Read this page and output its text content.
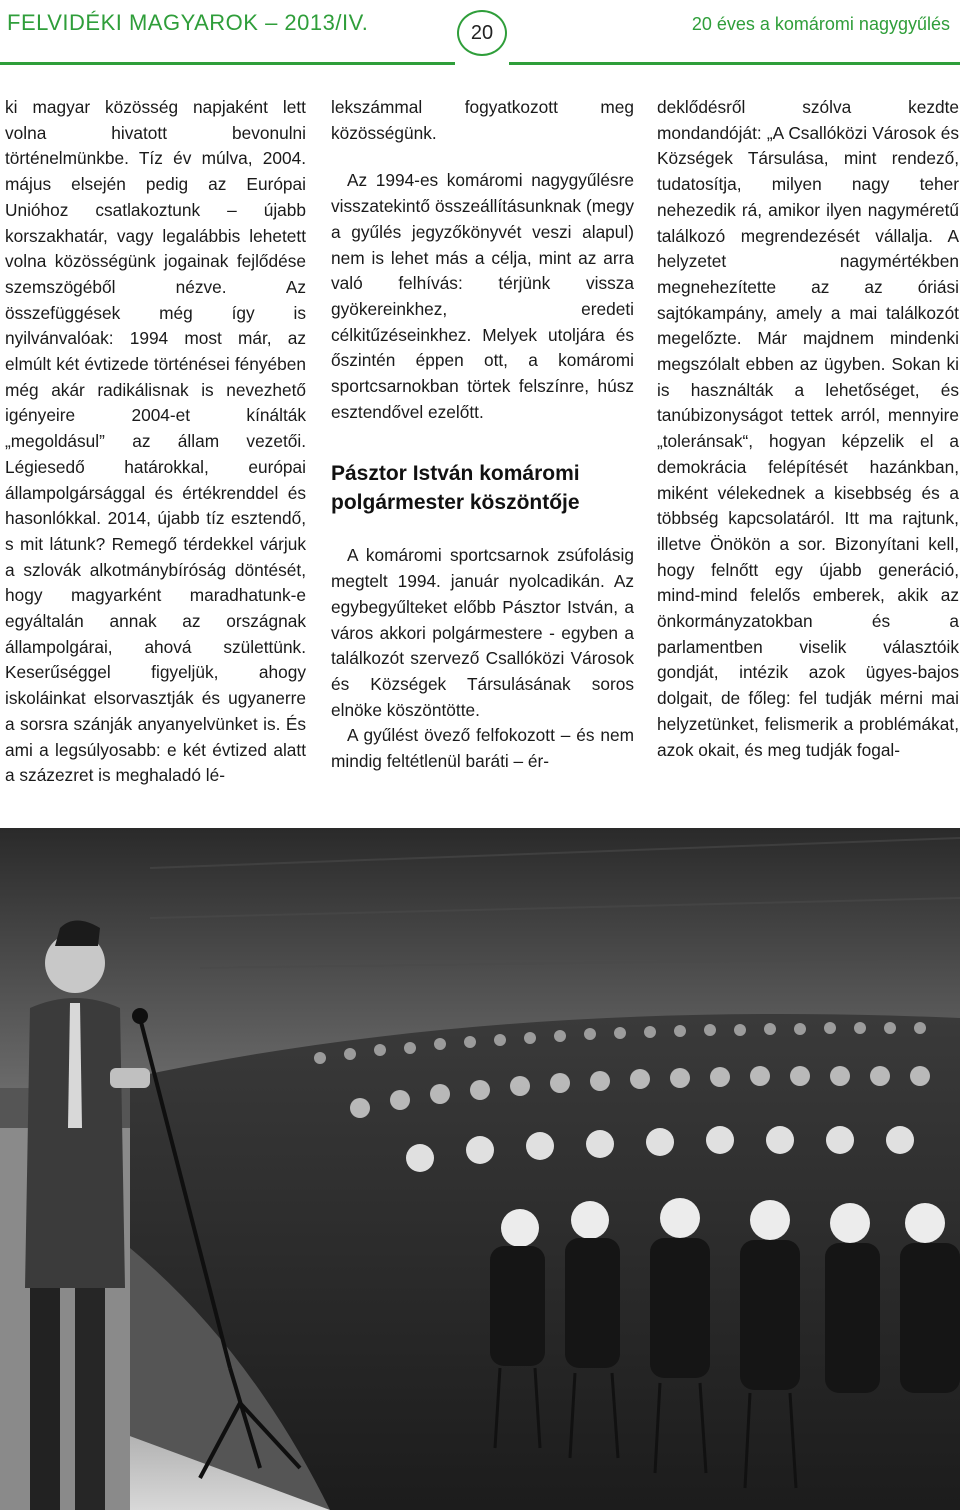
FELVIDÉKI MAGYAROK – 2013/IV.	20	20 éves a komáromi nagygyűlés

ki magyar közösség napjaként lett volna hivatott bevonulni történelmünkbe. Tíz év múlva, 2004. május elsején pedig az Európai Unióhoz csatlakoztunk – újabb korszakhatár, vagy legalábbis lehetett volna közösségünk jogainak fejlődése szemszögéből nézve. Az összefüggések még így is nyilvánvalóak: 1994 most már, az elmúlt két évtizede történései fényében még akár radikálisnak is nevezhető igényeire 2004-et kínálták „megoldásul” az állam vezetői. Légiesedő határokkal, európai állampolgársággal és értékrenddel és hasonlókkal. 2014, újabb tíz esztendő, s mit látunk? Remegő térdekkel várjuk a szlovák alkotmánybíróság döntését, hogy magyarként maradhatunk-e egyáltalán annak az országnak állampolgárai, ahová születtünk. Keserűséggel figyeljük, ahogy iskoláinkat elsorvasztják és ugyanerre a sorsra szánják anyanyelvünket is. És ami a legsúlyosabb: e két évtized alatt a százezret is meghaladó lé-

lekszámmal fogyatkozott meg közösségünk.

Az 1994-es komáromi nagygyűlésre visszatekintő összeállításunknak (megy a gyűlés jegyzőkönyvét veszi alapul) nem is lehet más a célja, mint az arra való felhívás: térjünk vissza gyökereinkhez, eredeti célkitűzéseinkhez. Melyek utoljára és őszintén éppen ott, a komáromi sportcsarnokban törtek felszínre, húsz esztendővel ezelőtt.

Pásztor István komáromi polgármester köszöntője

A komáromi sportcsarnok zsúfolásig megtelt 1994. január nyolcadikán. Az egybegyűlteket előbb Pásztor István, a város akkori polgármestere - egyben a találkozót szervező Csallóközi Városok és Községek Társulásának soros elnöke köszöntötte.

A gyűlést övező felfokozott – és nem mindig feltétlenül baráti – ér-

deklődésről szólva kezdte mondandóját: „A Csallóközi Városok és Községek Társulása, mint rendező, tudatosítja, milyen nagy teher nehezedik rá, amikor ilyen nagyméretű találkozó megrendezését vállalja. A helyzetet nagymértékben megnehezítette az az óriási sajtókampány, amely a mai találkozót megelőzte. Már majdnem mindenki megszólalt ebben az ügyben. Sokan ki is használták a lehetőséget, és tanúbizonyságot tettek arról, mennyire „toleránsak“, hogyan képzelik el a demokrácia felépítését hazánkban, miként vélekednek a kisebbség és a többség kapcsolatáról. Itt ma rajtunk, illetve Önökön a sor. Bizonyítani kell, hogy felnőtt egy újabb generáció, mind-mind felelős emberek, akik az önkormányzatokban és a parlamentben viselik választóik gondját, intézik azok ügyes-bajos dolgait, de főleg: fel tudják mérni mai helyzetünket, felismerik a problémákat, azok okait, és meg tudják fogal-
